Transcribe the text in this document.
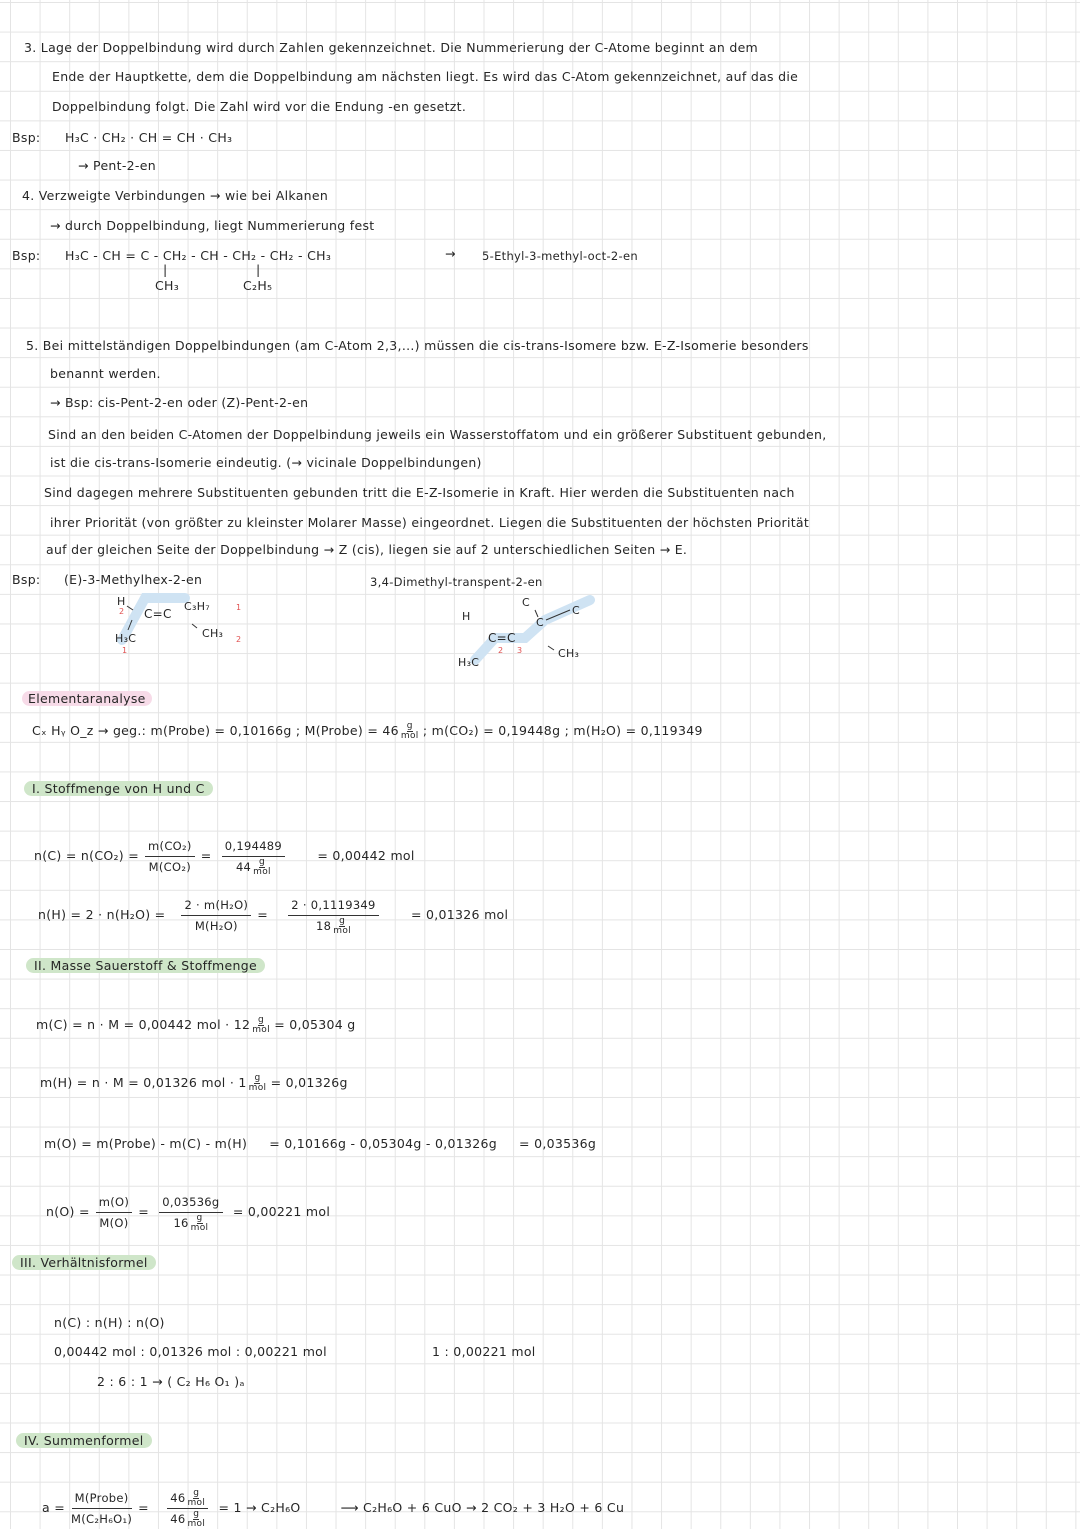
3. Lage der Doppelbindung wird durch Zahlen gekennzeichnet. Die Nummerierung der C-Atome beginnt an dem
Ende der Hauptkette, dem die Doppelbindung am nächsten liegt. Es wird das C-Atom gekennzeichnet, auf das die
Doppelbindung folgt. Die Zahl wird vor die Endung -en gesetzt.
Bsp: H₃C · CH₂ · CH = CH · CH₃
→ Pent-2-en
4. Verzweigte Verbindungen → wie bei Alkanen
→ durch Doppelbindung, liegt Nummerierung fest
Bsp: H₃C - CH = C - CH₂ - CH - CH₂ - CH₂ - CH₃
|	|
CH₃	C₂H₅
→ 5-Ethyl-3-methyl-oct-2-en
5. Bei mittelständigen Doppelbindungen (am C-Atom 2,3,...) müssen die cis-trans-Isomere bzw. E-Z-Isomerie besonders
benannt werden.
→ Bsp: cis-Pent-2-en oder (Z)-Pent-2-en
Sind an den beiden C-Atomen der Doppelbindung jeweils ein Wasserstoffatom und ein größerer Substituent gebunden,
ist die cis-trans-Isomerie eindeutig. (→ vicinale Doppelbindungen)
Sind dagegen mehrere Substituenten gebunden tritt die E-Z-Isomerie in Kraft. Hier werden die Substituenten nach
ihrer Priorität (von größter zu kleinster Molarer Masse) eingeordnet. Liegen die Substituenten der höchsten Priorität
auf der gleichen Seite der Doppelbindung → Z (cis), liegen sie auf 2 unterschiedlichen Seiten → E.
Bsp: (E)-3-Methylhex-2-en	3,4-Dimethyl-transpent-2-en
H
2 C=C
C₃H₇	1
CH₃
H₃C
1
2
H
C=C
2 3
C
C
C
CH₃
H₃C
Elementaranalyse
Cₓ Hᵧ O_z → geg.: m(Probe) = 0,10166g ; M(Probe) = 46 g
mol ; m(CO₂) = 0,19448g ; m(H₂O) = 0,119349
I. Stoffmenge von H und C
$n(C) = n(CO_2) = \frac{\text{m(CO₂)}}{\text{M(CO₂)}} = 0,194489$
44 g
mol	= 0,00442 mol
$n(H) = 2 \cdot n(H_2O) = \frac{\text{2 · m(H₂O)}}{\text{M(H₂O)}} = 2 \cdot 0,1119349$
18 g
mol	= 0,01326 mol
II. Masse Sauerstoff & Stoffmenge
m(C) = n · M = 0,00442 mol · 12 g
mol = 0,05304 g
m(H) = n · M = 0,01326 mol · 1 g
mol = 0,01326g
m(O) = m(Probe) - m(C) - m(H) = 0,10166g - 0,05304g - 0,01326g = 0,03536g
$n(O) = \frac{m(O)}{M(O)} = 0,03536g$
16 g
mol = 0,00221 mol
III. Verhältnisformel
n(C) : n(H) : n(O)
0,00442 mol : 0,01326 mol : 0,00221 mol	1 : 0,00221 mol
2 : 6 : 1 → ( C₂ H₆ O₁ )ₐ
IV. Summenformel
$a = \frac{\text{M(Probe)}}{\text{M(C₂H₆O₁)}} = 46$ g
mol
46 g
mol = 1 → C₂H₆O	⟶ C₂H₆O + 6 CuO → 2 CO₂ + 3 H₂O + 6 Cu
